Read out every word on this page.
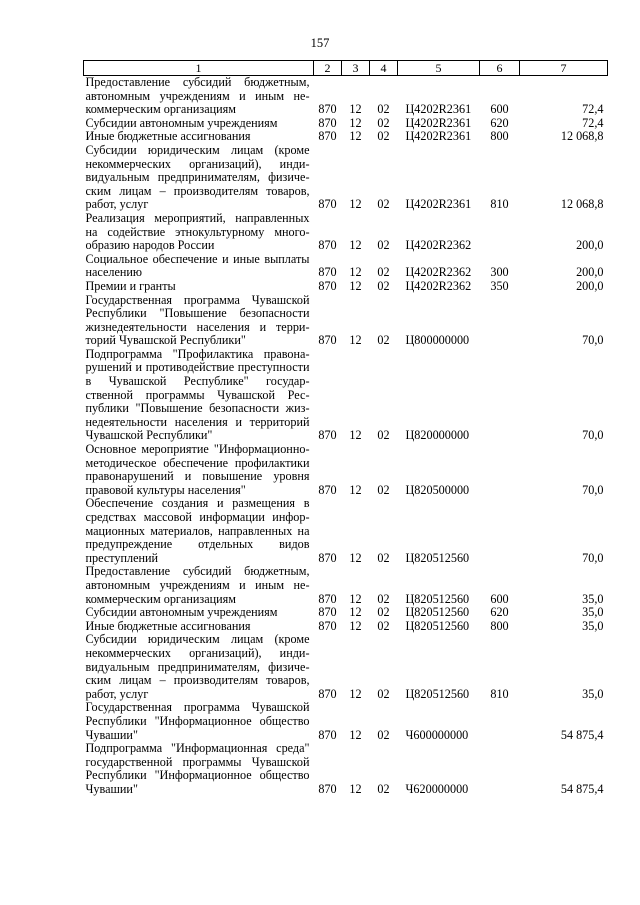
157
1	2	3	4	5	6	7
Предоставление субсидий бюджетным, автономным учреждениям и иным некоммерческим организациям	870	12	02	Ц4202R2361	600	72,4
Субсидии автономным учреждениям	870	12	02	Ц4202R2361	620	72,4
Иные бюджетные ассигнования	870	12	02	Ц4202R2361	800	12 068,8
Субсидии юридическим лицам (кроме некоммерческих организаций), индивидуальным предпринимателям, физическим лицам – производителям товаров, работ, услуг	870	12	02	Ц4202R2361	810	12 068,8
Реализация мероприятий, направленных на содействие этнокультурному многообразию народов России	870	12	02	Ц4202R2362		200,0
Социальное обеспечение и иные выплаты населению	870	12	02	Ц4202R2362	300	200,0
Премии и гранты	870	12	02	Ц4202R2362	350	200,0
Государственная программа Чувашской Республики "Повышение безопасности жизнедеятельности населения и территорий Чувашской Республики"	870	12	02	Ц800000000		70,0
Подпрограмма "Профилактика правонарушений и противодействие преступности в Чувашской Республике" государственной программы Чувашской Республики "Повышение безопасности жизнедеятельности населения и территорий Чувашской Республики"	870	12	02	Ц820000000		70,0
Основное мероприятие "Информационно-методическое обеспечение профилактики правонарушений и повышение уровня правовой культуры населения"	870	12	02	Ц820500000		70,0
Обеспечение создания и размещения в средствах массовой информации информационных материалов, направленных на предупреждение отдельных видов преступлений	870	12	02	Ц820512560		70,0
Предоставление субсидий бюджетным, автономным учреждениям и иным некоммерческим организациям	870	12	02	Ц820512560	600	35,0
Субсидии автономным учреждениям	870	12	02	Ц820512560	620	35,0
Иные бюджетные ассигнования	870	12	02	Ц820512560	800	35,0
Субсидии юридическим лицам (кроме некоммерческих организаций), индивидуальным предпринимателям, физическим лицам – производителям товаров, работ, услуг	870	12	02	Ц820512560	810	35,0
Государственная программа Чувашской Республики "Информационное общество Чувашии"	870	12	02	Ч600000000		54 875,4
Подпрограмма "Информационная среда" государственной программы Чувашской Республики "Информационное общество Чувашии"	870	12	02	Ч620000000		54 875,4
